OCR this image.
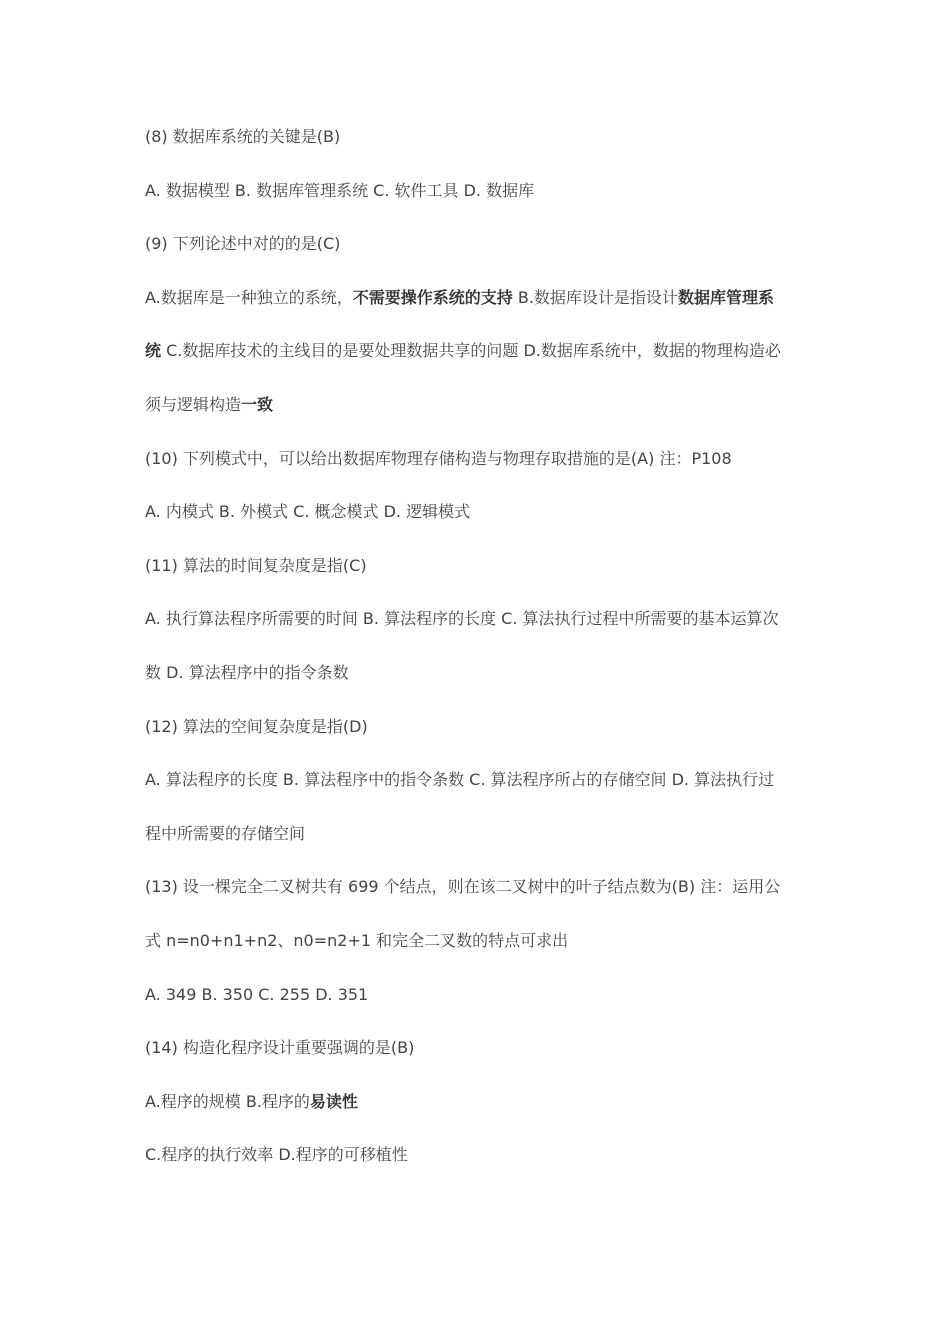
(8) 数据库系统的关键是(B)
A. 数据模型 B. 数据库管理系统 C. 软件工具 D. 数据库
(9) 下列论述中对的的是(C)
A.数据库是一种独立的系统，不需要操作系统的支持 B.数据库设计是指设计数据库管理系
统 C.数据库技术的主线目的是要处理数据共享的问题 D.数据库系统中，数据的物理构造必
须与逻辑构造一致
(10) 下列模式中，可以给出数据库物理存储构造与物理存取措施的是(A) 注：P108
A. 内模式 B. 外模式 C. 概念模式 D. 逻辑模式
(11) 算法的时间复杂度是指(C)
A. 执行算法程序所需要的时间 B. 算法程序的长度 C. 算法执行过程中所需要的基本运算次
数 D. 算法程序中的指令条数
(12) 算法的空间复杂度是指(D)
A. 算法程序的长度 B. 算法程序中的指令条数 C. 算法程序所占的存储空间 D. 算法执行过
程中所需要的存储空间
(13) 设一棵完全二叉树共有 699 个结点，则在该二叉树中的叶子结点数为(B) 注：运用公
式 n=n0+n1+n2、n0=n2+1 和完全二叉数的特点可求出
A. 349 B. 350 C. 255 D. 351
(14) 构造化程序设计重要强调的是(B)
A.程序的规模 B.程序的易读性
C.程序的执行效率 D.程序的可移植性
